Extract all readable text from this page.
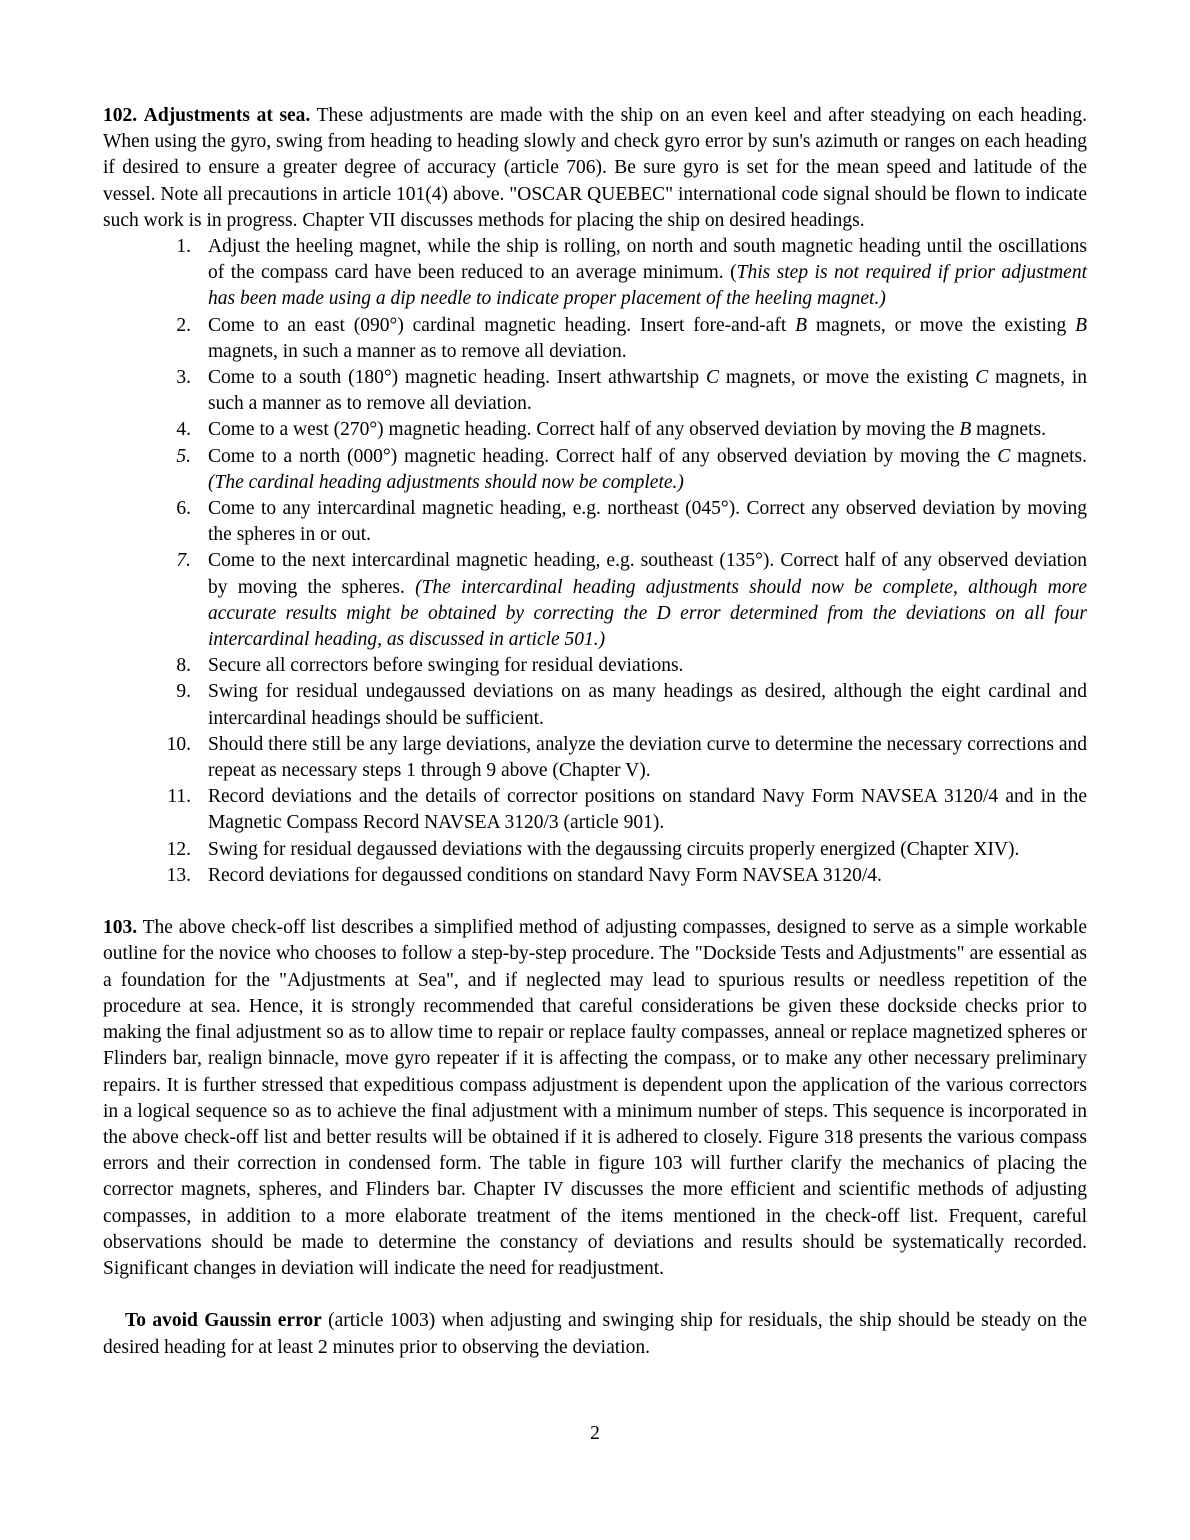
102. Adjustments at sea. These adjustments are made with the ship on an even keel and after steadying on each heading. When using the gyro, swing from heading to heading slowly and check gyro error by sun's azimuth or ranges on each heading if desired to ensure a greater degree of accuracy (article 706). Be sure gyro is set for the mean speed and latitude of the vessel. Note all precautions in article 101(4) above. "OSCAR QUEBEC" international code signal should be flown to indicate such work is in progress. Chapter VII discusses methods for placing the ship on desired headings.

1. Adjust the heeling magnet, while the ship is rolling, on north and south magnetic heading until the oscillations of the compass card have been reduced to an average minimum. (This step is not required if prior adjustment has been made using a dip needle to indicate proper placement of the heeling magnet.)
2. Come to an east (090°) cardinal magnetic heading. Insert fore-and-aft B magnets, or move the existing B magnets, in such a manner as to remove all deviation.
3. Come to a south (180°) magnetic heading. Insert athwartship C magnets, or move the existing C magnets, in such a manner as to remove all deviation.
4. Come to a west (270°) magnetic heading. Correct half of any observed deviation by moving the B magnets.
5. Come to a north (000°) magnetic heading. Correct half of any observed deviation by moving the C magnets. (The cardinal heading adjustments should now be complete.)
6. Come to any intercardinal magnetic heading, e.g. northeast (045°). Correct any observed deviation by moving the spheres in or out.
7. Come to the next intercardinal magnetic heading, e.g. southeast (135°). Correct half of any observed deviation by moving the spheres. (The intercardinal heading adjustments should now be complete, although more accurate results might be obtained by correcting the D error determined from the deviations on all four intercardinal heading, as discussed in article 501.)
8. Secure all correctors before swinging for residual deviations.
9. Swing for residual undegaussed deviations on as many headings as desired, although the eight cardinal and intercardinal headings should be sufficient.
10. Should there still be any large deviations, analyze the deviation curve to determine the necessary corrections and repeat as necessary steps 1 through 9 above (Chapter V).
11. Record deviations and the details of corrector positions on standard Navy Form NAVSEA 3120/4 and in the Magnetic Compass Record NAVSEA 3120/3 (article 901).
12. Swing for residual degaussed deviations with the degaussing circuits properly energized (Chapter XIV).
13. Record deviations for degaussed conditions on standard Navy Form NAVSEA 3120/4.

103. The above check-off list describes a simplified method of adjusting compasses, designed to serve as a simple workable outline for the novice who chooses to follow a step-by-step procedure. The "Dockside Tests and Adjustments" are essential as a foundation for the "Adjustments at Sea", and if neglected may lead to spurious results or needless repetition of the procedure at sea. Hence, it is strongly recommended that careful considerations be given these dockside checks prior to making the final adjustment so as to allow time to repair or replace faulty compasses, anneal or replace magnetized spheres or Flinders bar, realign binnacle, move gyro repeater if it is affecting the compass, or to make any other necessary preliminary repairs. It is further stressed that expeditious compass adjustment is dependent upon the application of the various correctors in a logical sequence so as to achieve the final adjustment with a minimum number of steps. This sequence is incorporated in the above check-off list and better results will be obtained if it is adhered to closely. Figure 318 presents the various compass errors and their correction in condensed form. The table in figure 103 will further clarify the mechanics of placing the corrector magnets, spheres, and Flinders bar. Chapter IV discusses the more efficient and scientific methods of adjusting compasses, in addition to a more elaborate treatment of the items mentioned in the check-off list. Frequent, careful observations should be made to determine the constancy of deviations and results should be systematically recorded. Significant changes in deviation will indicate the need for readjustment.

To avoid Gaussin error (article 1003) when adjusting and swinging ship for residuals, the ship should be steady on the desired heading for at least 2 minutes prior to observing the deviation.

2
